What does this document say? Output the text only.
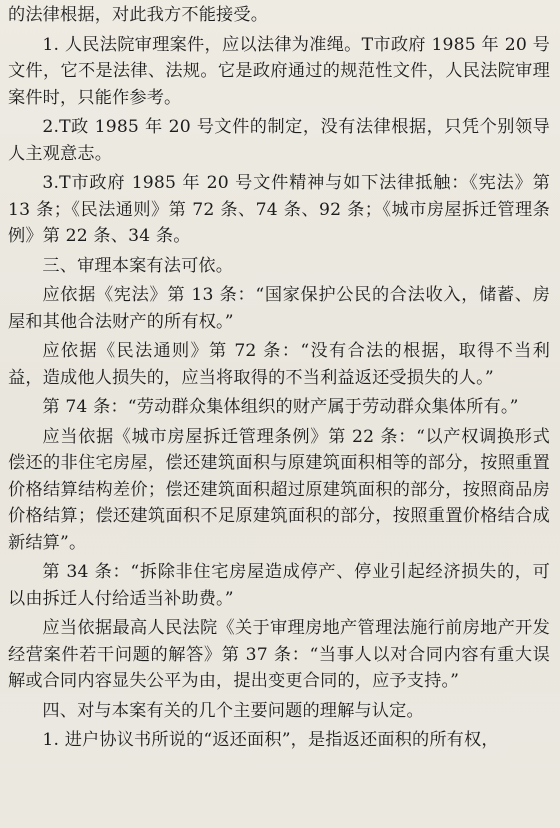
的法律根据，对此我方不能接受。

1. 人民法院审理案件，应以法律为准绳。T市政府 1985 年 20 号文件，它不是法律、法规。它是政府通过的规范性文件，人民法院审理案件时，只能作参考。

2.T政 1985 年 20 号文件的制定，没有法律根据，只凭个别领导人主观意志。

3.T市政府 1985 年 20 号文件精神与如下法律抵触：《宪法》第 13 条；《民法通则》第 72 条、74 条、92 条；《城市房屋拆迁管理条例》第 22 条、34 条。

三、审理本案有法可依。

应依据《宪法》第 13 条：“国家保护公民的合法收入，储蓄、房屋和其他合法财产的所有权。”

应依据《民法通则》第 72 条：“没有合法的根据，取得不当利益，造成他人损失的，应当将取得的不当利益返还受损失的人。”

第 74 条：“劳动群众集体组织的财产属于劳动群众集体所有。”

应当依据《城市房屋拆迁管理条例》第 22 条：“以产权调换形式偿还的非住宅房屋，偿还建筑面积与原建筑面积相等的部分，按照重置价格结算结构差价；偿还建筑面积超过原建筑面积的部分，按照商品房价格结算；偿还建筑面积不足原建筑面积的部分，按照重置价格结合成新结算”。

第 34 条：“拆除非住宅房屋造成停产、停业引起经济损失的，可以由拆迁人付给适当补助费。”

应当依据最高人民法院《关于审理房地产管理法施行前房地产开发经营案件若干问题的解答》第 37 条：“当事人以对合同内容有重大误解或合同内容显失公平为由，提出变更合同的，应予支持。”

四、对与本案有关的几个主要问题的理解与认定。

1. 进户协议书所说的“返还面积”，是指返还面积的所有权，
